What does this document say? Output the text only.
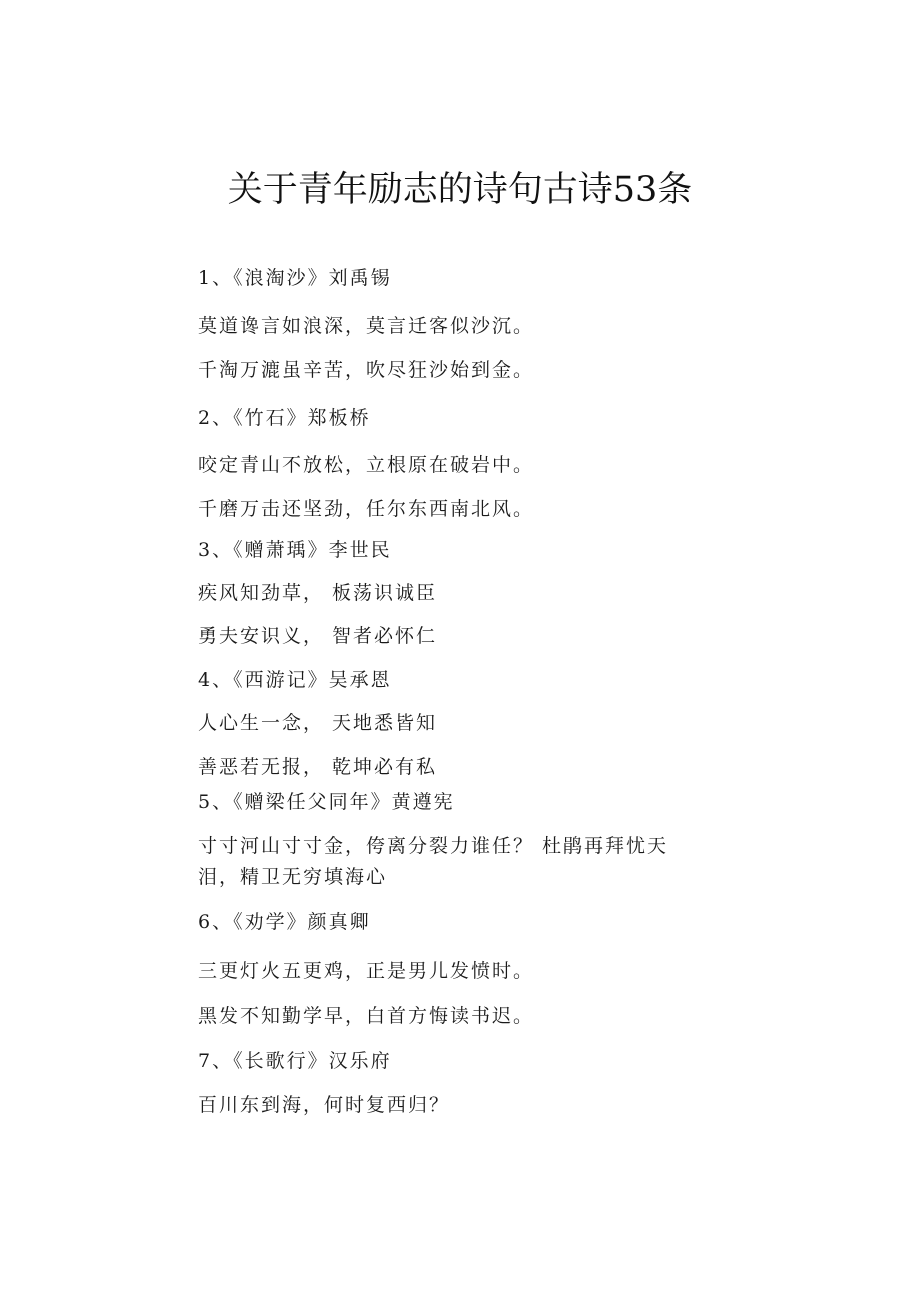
关于青年励志的诗句古诗53条
1、《浪淘沙》刘禹锡
莫道谗言如浪深，莫言迁客似沙沉。
千淘万漉虽辛苦，吹尽狂沙始到金。
2、《竹石》郑板桥
咬定青山不放松，立根原在破岩中。
千磨万击还坚劲，任尔东西南北风。
3、《赠萧瑀》李世民
疾风知劲草， 板荡识诚臣
勇夫安识义， 智者必怀仁
4、《西游记》吴承恩
人心生一念， 天地悉皆知
善恶若无报， 乾坤必有私
5、《赠梁任父同年》黄遵宪
寸寸河山寸寸金，侉离分裂力谁任？ 杜鹃再拜忧天泪，精卫无穷填海心
6、《劝学》颜真卿
三更灯火五更鸡，正是男儿发愤时。
黑发不知勤学早，白首方悔读书迟。
7、《长歌行》汉乐府
百川东到海，何时复西归？
